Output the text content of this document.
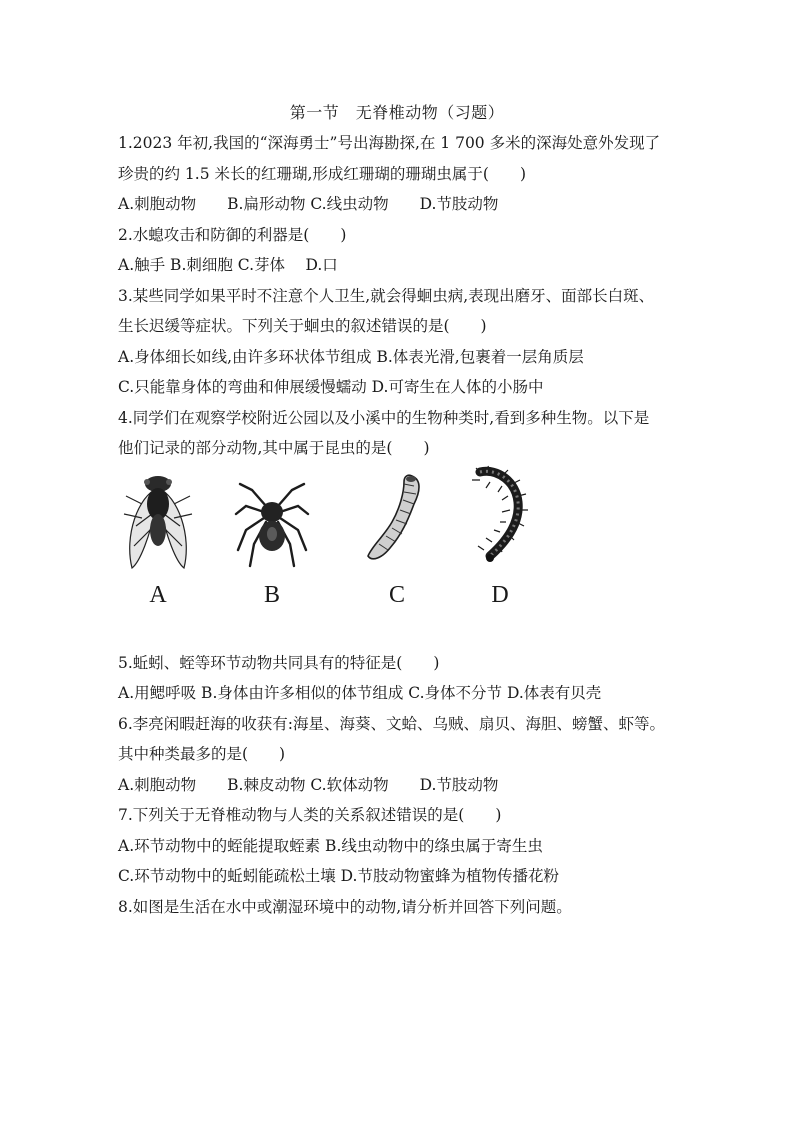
第一节　无脊椎动物（习题）
1.2023 年初,我国的“深海勇士”号出海勘探,在 1 700 多米的深海处意外发现了
珍贵的约 1.5 米长的红珊瑚,形成红珊瑚的珊瑚虫属于(　　)
A.刺胞动物　　B.扁形动物 C.线虫动物　　D.节肢动物
2.水螅攻击和防御的利器是(　　)
A.触手 B.刺细胞 C.芽体　 D.口
3.某些同学如果平时不注意个人卫生,就会得蛔虫病,表现出磨牙、面部长白斑、
生长迟缓等症状。下列关于蛔虫的叙述错误的是(　　)
A.身体细长如线,由许多环状体节组成 B.体表光滑,包裹着一层角质层
C.只能靠身体的弯曲和伸展缓慢蠕动 D.可寄生在人体的小肠中
4.同学们在观察学校附近公园以及小溪中的生物种类时,看到多种生物。以下是
他们记录的部分动物,其中属于昆虫的是(　　)
A	B	C	D
5.蚯蚓、蛭等环节动物共同具有的特征是(　　)
A.用鳃呼吸 B.身体由许多相似的体节组成 C.身体不分节 D.体表有贝壳
6.李亮闲暇赶海的收获有:海星、海葵、文蛤、乌贼、扇贝、海胆、螃蟹、虾等。
其中种类最多的是(　　)
A.刺胞动物　　B.棘皮动物 C.软体动物　　D.节肢动物
7.下列关于无脊椎动物与人类的关系叙述错误的是(　　)
A.环节动物中的蛭能提取蛭素 B.线虫动物中的绦虫属于寄生虫
C.环节动物中的蚯蚓能疏松土壤 D.节肢动物蜜蜂为植物传播花粉
8.如图是生活在水中或潮湿环境中的动物,请分析并回答下列问题。
